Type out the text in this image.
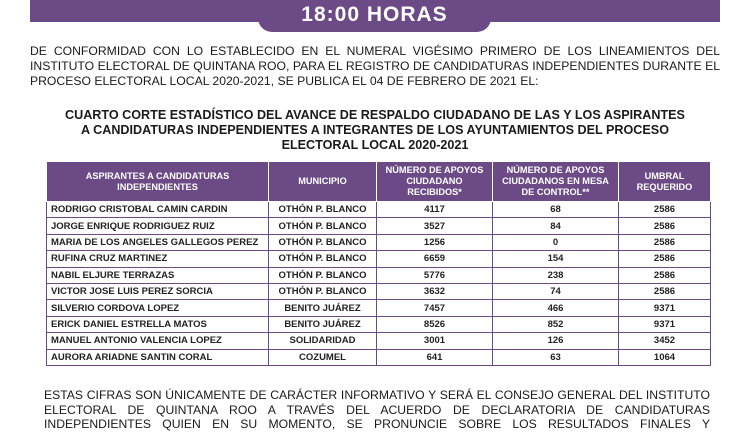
18:00 HORAS
DE CONFORMIDAD CON LO ESTABLECIDO EN EL NUMERAL VIGÉSIMO PRIMERO DE LOS LINEAMIENTOS DEL INSTITUTO ELECTORAL DE QUINTANA ROO, PARA EL REGISTRO DE CANDIDATURAS INDEPENDIENTES DURANTE EL PROCESO ELECTORAL LOCAL 2020-2021, SE PUBLICA EL 04 DE FEBRERO DE 2021 EL:
CUARTO CORTE ESTADÍSTICO DEL AVANCE DE RESPALDO CIUDADANO DE LAS Y LOS ASPIRANTES A CANDIDATURAS INDEPENDIENTES A INTEGRANTES DE LOS AYUNTAMIENTOS DEL PROCESO ELECTORAL LOCAL 2020-2021
ASPIRANTES A CANDIDATURAS INDEPENDIENTES	MUNICIPIO	NÚMERO DE APOYOS CIUDADANO RECIBIDOS*	NÚMERO DE APOYOS CIUDADANOS EN MESA DE CONTROL**	UMBRAL REQUERIDO
RODRIGO CRISTOBAL CAMIN CARDIN	OTHÓN P. BLANCO	4117	68	2586
JORGE ENRIQUE RODRIGUEZ RUIZ	OTHÓN P. BLANCO	3527	84	2586
MARIA DE LOS ANGELES GALLEGOS PEREZ	OTHÓN P. BLANCO	1256	0	2586
RUFINA CRUZ MARTINEZ	OTHÓN P. BLANCO	6659	154	2586
NABIL ELJURE TERRAZAS	OTHÓN P. BLANCO	5776	238	2586
VICTOR JOSE LUIS PEREZ SORCIA	OTHÓN P. BLANCO	3632	74	2586
SILVERIO CORDOVA LOPEZ	BENITO JUÁREZ	7457	466	9371
ERICK DANIEL ESTRELLA MATOS	BENITO JUÁREZ	8526	852	9371
MANUEL ANTONIO VALENCIA LOPEZ	SOLIDARIDAD	3001	126	3452
AURORA ARIADNE SANTIN CORAL	COZUMEL	641	63	1064
ESTAS CIFRAS SON ÚNICAMENTE DE CARÁCTER INFORMATIVO Y SERÁ EL CONSEJO GENERAL DEL INSTITUTO ELECTORAL DE QUINTANA ROO A TRAVÉS DEL ACUERDO DE DECLARATORIA DE CANDIDATURAS INDEPENDIENTES QUIEN EN SU MOMENTO, SE PRONUNCIE SOBRE LOS RESULTADOS FINALES Y
